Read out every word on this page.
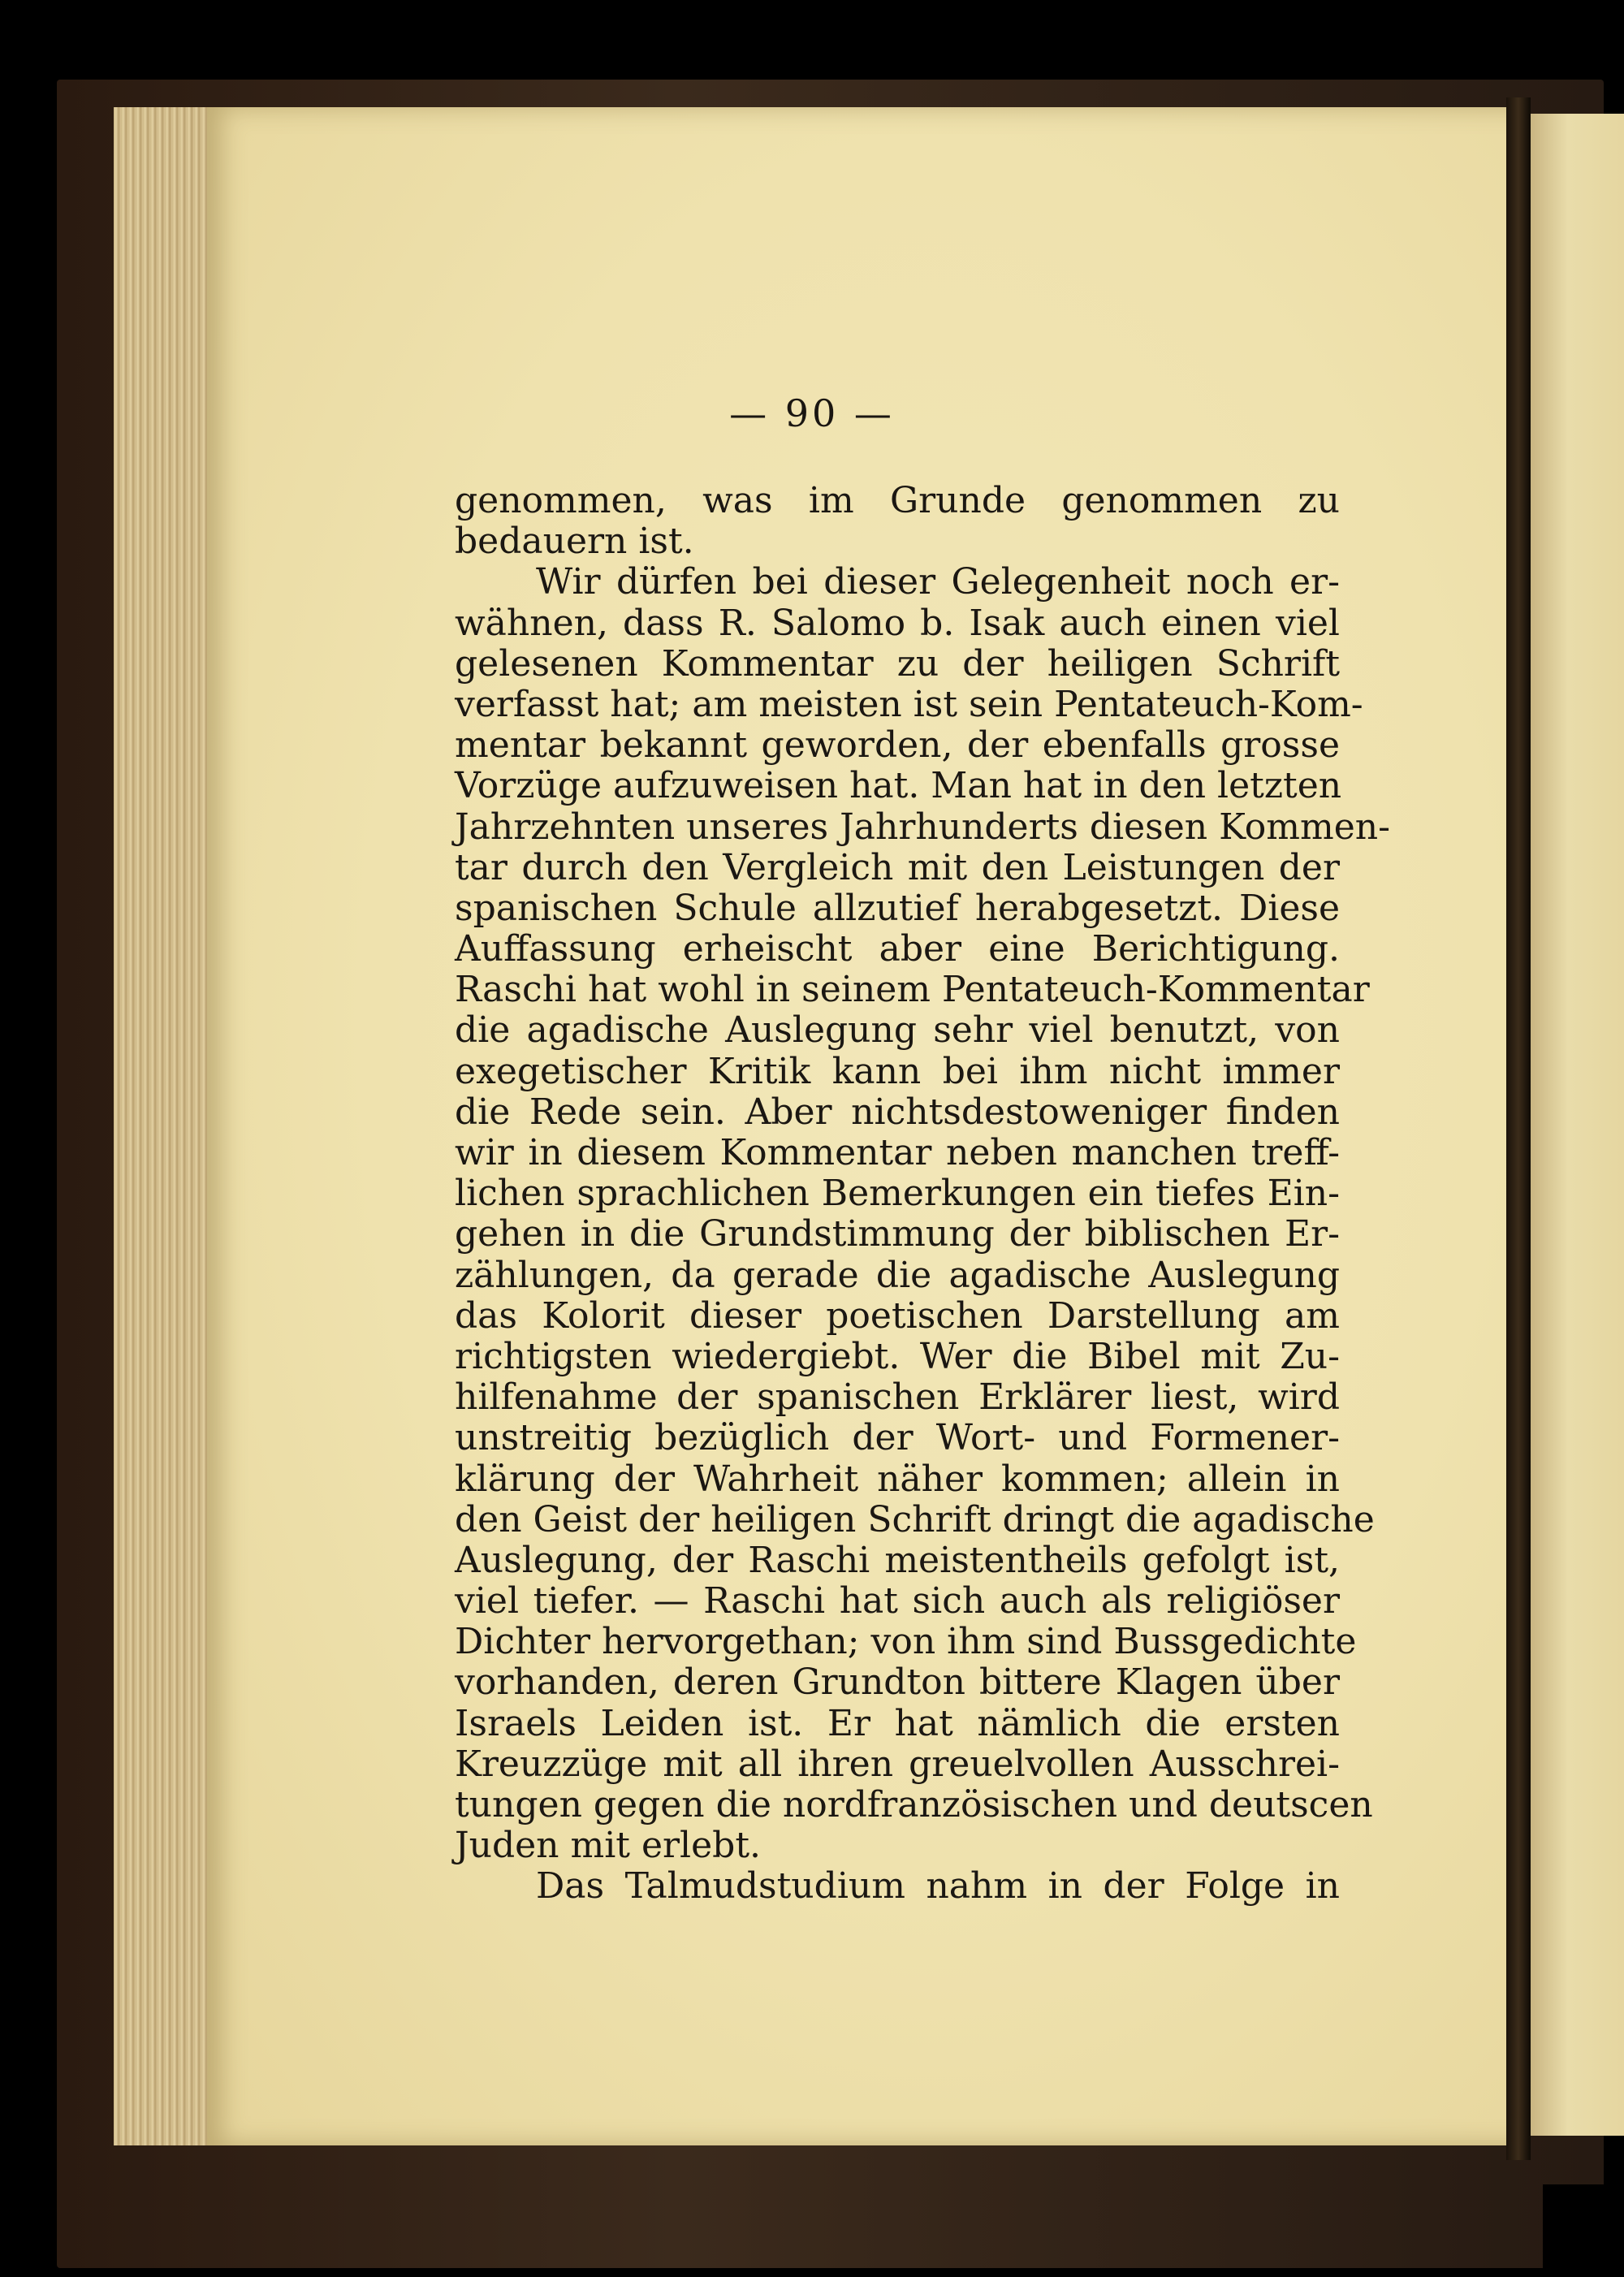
— 90 —
genommen, was im Grunde genommen zu
bedauern ist.
Wir dürfen bei dieser Gelegenheit noch er-
wähnen, dass R. Salomo b. Isak auch einen viel
gelesenen Kommentar zu der heiligen Schrift
verfasst hat; am meisten ist sein Pentateuch-Kom-
mentar bekannt geworden, der ebenfalls grosse
Vorzüge aufzuweisen hat. Man hat in den letzten
Jahrzehnten unseres Jahrhunderts diesen Kommen-
tar durch den Vergleich mit den Leistungen der
spanischen Schule allzutief herabgesetzt. Diese
Auffassung erheischt aber eine Berichtigung.
Raschi hat wohl in seinem Pentateuch-Kommentar
die agadische Auslegung sehr viel benutzt, von
exegetischer Kritik kann bei ihm nicht immer
die Rede sein. Aber nichtsdestoweniger finden
wir in diesem Kommentar neben manchen treff-
lichen sprachlichen Bemerkungen ein tiefes Ein-
gehen in die Grundstimmung der biblischen Er-
zählungen, da gerade die agadische Auslegung
das Kolorit dieser poetischen Darstellung am
richtigsten wiedergiebt. Wer die Bibel mit Zu-
hilfenahme der spanischen Erklärer liest, wird
unstreitig bezüglich der Wort- und Formener-
klärung der Wahrheit näher kommen; allein in
den Geist der heiligen Schrift dringt die agadische
Auslegung, der Raschi meistentheils gefolgt ist,
viel tiefer. — Raschi hat sich auch als religiöser
Dichter hervorgethan; von ihm sind Bussgedichte
vorhanden, deren Grundton bittere Klagen über
Israels Leiden ist. Er hat nämlich die ersten
Kreuzzüge mit all ihren greuelvollen Ausschrei-
tungen gegen die nordfranzösischen und deutscen
Juden mit erlebt.
Das Talmudstudium nahm in der Folge in
